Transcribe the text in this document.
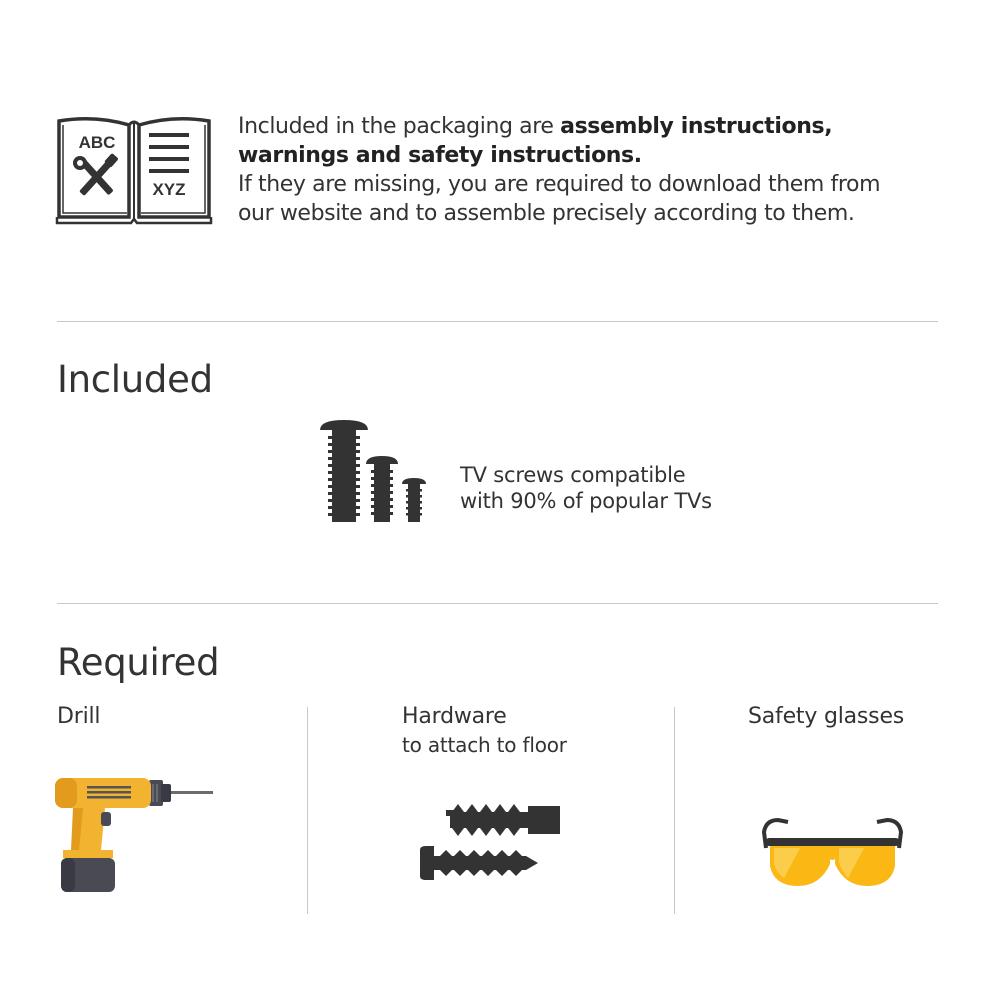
ABC
XYZ
Included in the packaging are assembly instructions,
warnings and safety instructions.
If they are missing, you are required to download them from
our website and to assemble precisely according to them.
Included
TV screws compatible
with 90% of popular TVs
Required
Drill	Hardware
to attach to floor
Safety glasses
